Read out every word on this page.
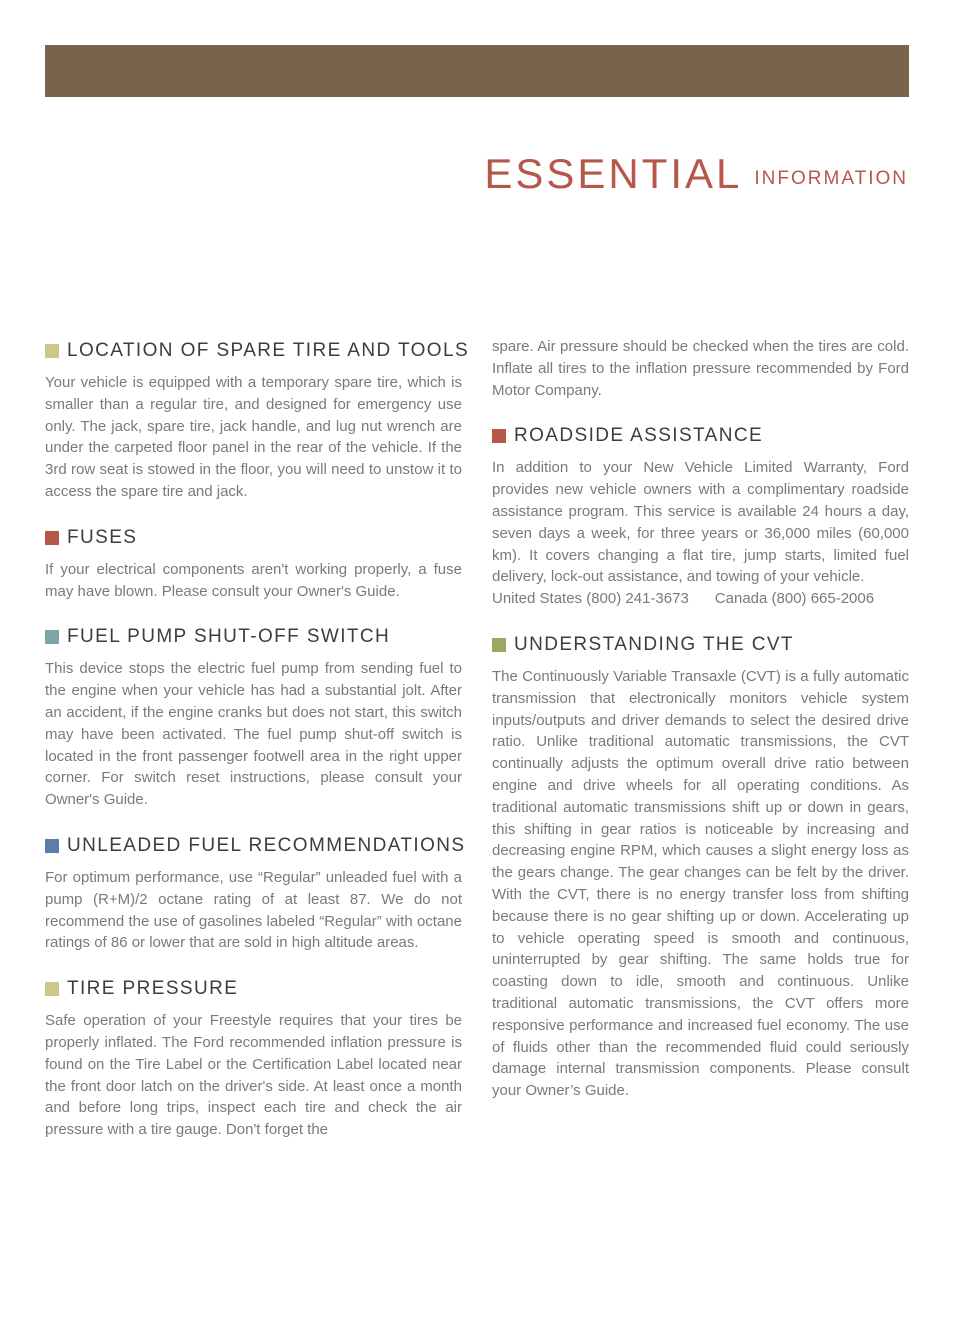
ESSENTIAL INFORMATION
LOCATION OF SPARE TIRE AND TOOLS

Your vehicle is equipped with a temporary spare tire, which is smaller than a regular tire, and designed for emergency use only. The jack, spare tire, jack handle, and lug nut wrench are under the carpeted floor panel in the rear of the vehicle. If the 3rd row seat is stowed in the floor, you will need to unstow it to access the spare tire and jack.

FUSES

If your electrical components aren't working properly, a fuse may have blown. Please consult your Owner's Guide.

FUEL PUMP SHUT-OFF SWITCH

This device stops the electric fuel pump from sending fuel to the engine when your vehicle has had a substantial jolt. After an accident, if the engine cranks but does not start, this switch may have been activated. The fuel pump shut-off switch is located in the front passenger footwell area in the right upper corner. For switch reset instructions, please consult your Owner's Guide.

UNLEADED FUEL RECOMMENDATIONS

For optimum performance, use “Regular” unleaded fuel with a pump (R+M)/2 octane rating of at least 87. We do not recommend the use of gasolines labeled “Regular” with octane ratings of 86 or lower that are sold in high altitude areas.

TIRE PRESSURE

Safe operation of your Freestyle requires that your tires be properly inflated. The Ford recommended inflation pressure is found on the Tire Label or the Certification Label located near the front door latch on the driver's side. At least once a month and before long trips, inspect each tire and check the air pressure with a tire gauge. Don't forget the

spare. Air pressure should be checked when the tires are cold. Inflate all tires to the inflation pressure recommended by Ford Motor Company.

ROADSIDE ASSISTANCE

In addition to your New Vehicle Limited Warranty, Ford provides new vehicle owners with a complimentary roadside assistance program. This service is available 24 hours a day, seven days a week, for three years or 36,000 miles (60,000 km). It covers changing a flat tire, jump starts, limited fuel delivery, lock-out assistance, and towing of your vehicle.

United States (800) 241-3673 Canada (800) 665-2006

UNDERSTANDING THE CVT

The Continuously Variable Transaxle (CVT) is a fully automatic transmission that electronically monitors vehicle system inputs/outputs and driver demands to select the desired drive ratio. Unlike traditional automatic transmissions, the CVT continually adjusts the optimum overall drive ratio between engine and drive wheels for all operating conditions. As traditional automatic transmissions shift up or down in gears, this shifting in gear ratios is noticeable by increasing and decreasing engine RPM, which causes a slight energy loss as the gears change. The gear changes can be felt by the driver. With the CVT, there is no energy transfer loss from shifting because there is no gear shifting up or down. Accelerating up to vehicle operating speed is smooth and continuous, uninterrupted by gear shifting. The same holds true for coasting down to idle, smooth and continuous. Unlike traditional automatic transmissions, the CVT offers more responsive performance and increased fuel economy. The use of fluids other than the recommended fluid could seriously damage internal transmission components. Please consult your Owner’s Guide.
